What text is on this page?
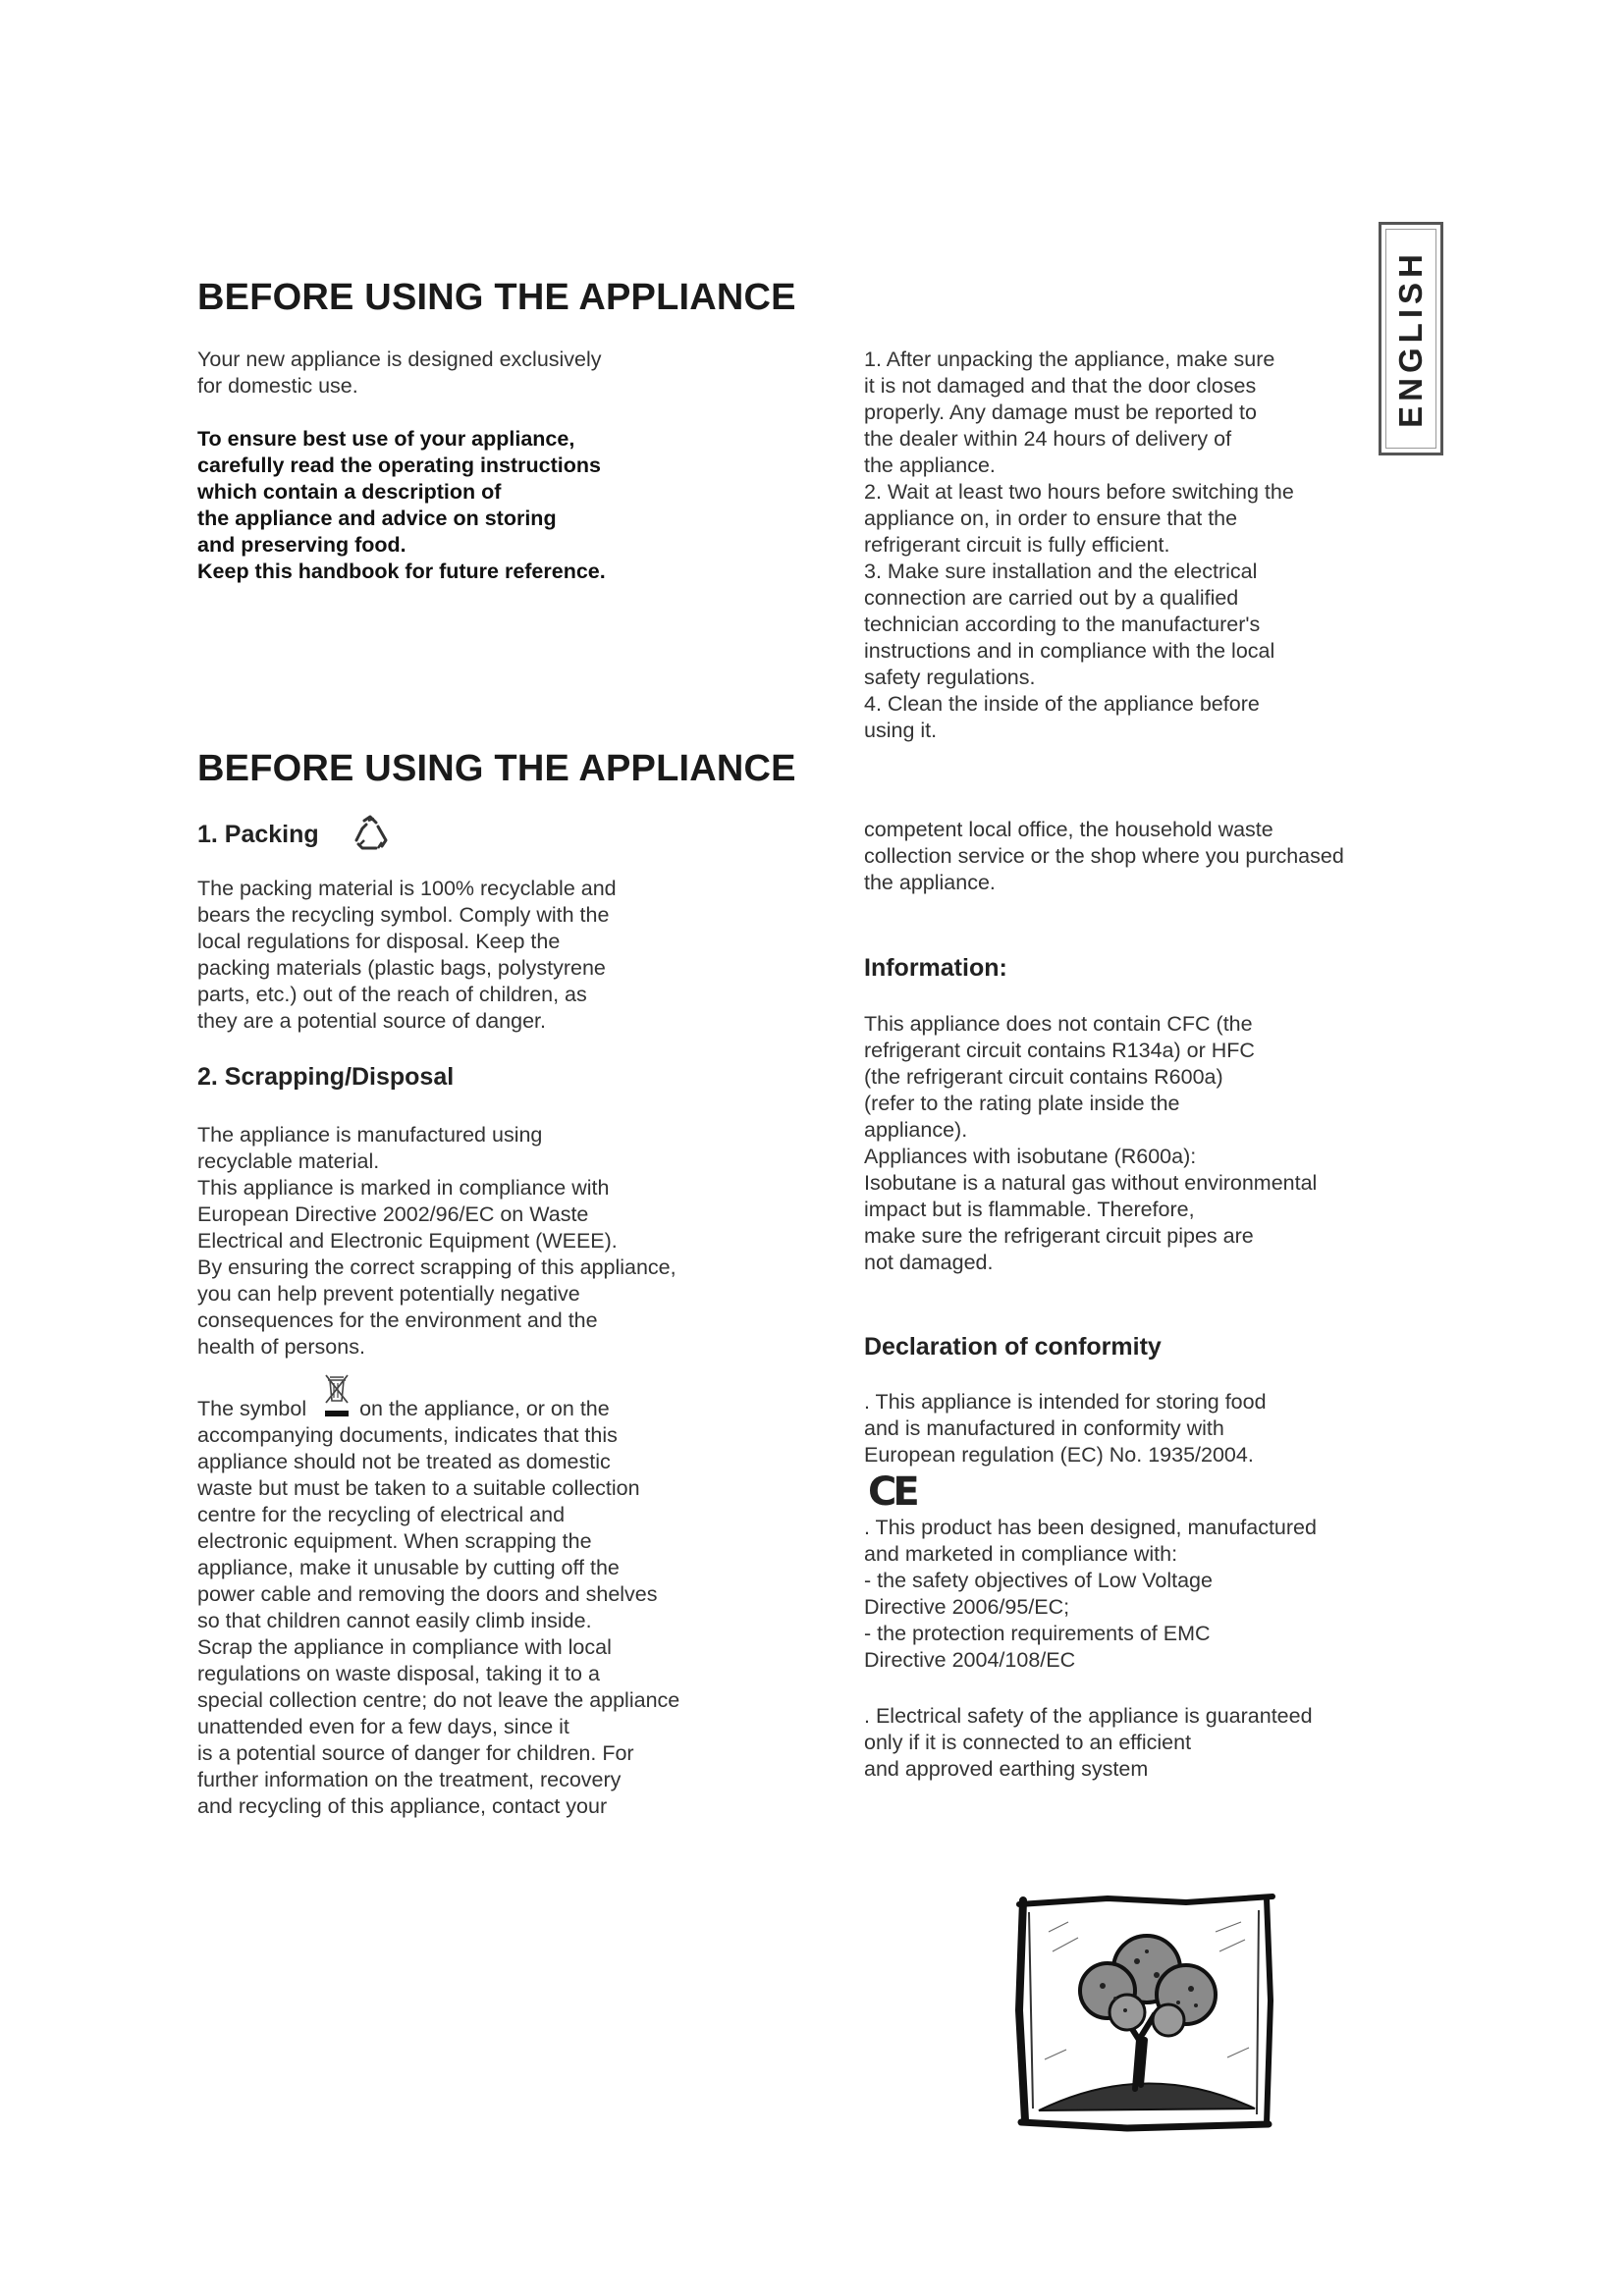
ENGLISH
BEFORE USING THE APPLIANCE
Your new appliance is designed exclusively
for domestic use.
To ensure best use of your appliance,
carefully read the operating instructions
which contain a description of
the appliance and advice on storing
and preserving food.
Keep this handbook for future reference.
1. After unpacking the appliance, make sure
it is not damaged and that the door closes
properly. Any damage must be reported to
the dealer within 24 hours of delivery of
the appliance.
2. Wait at least two hours before switching the
appliance on, in order to ensure that the
refrigerant circuit is fully efficient.
3. Make sure installation and the electrical
connection are carried out by a qualified
technician according to the manufacturer's
instructions and in compliance with the local
safety regulations.
4. Clean the inside of the appliance before
using it.
BEFORE USING THE APPLIANCE
1. Packing
The packing material is 100% recyclable and
bears the recycling symbol. Comply with the
local regulations for disposal. Keep the
packing materials (plastic bags, polystyrene
parts, etc.) out of the reach of children, as
they are a potential source of danger.
2. Scrapping/Disposal
The appliance is manufactured using
recyclable material.
This appliance is marked in compliance with
European Directive 2002/96/EC on Waste
Electrical and Electronic Equipment (WEEE).
By ensuring the correct scrapping of this appliance,
you can help prevent potentially negative
consequences for the environment and the
health of persons.
The symbol	on the appliance, or on the
accompanying documents, indicates that this
appliance should not be treated as domestic
waste but must be taken to a suitable collection
centre for the recycling of electrical and
electronic equipment. When scrapping the
appliance, make it unusable by cutting off the
power cable and removing the doors and shelves
so that children cannot easily climb inside.
Scrap the appliance in compliance with local
regulations on waste disposal, taking it to a
special collection centre; do not leave the appliance
unattended even for a few days, since it
is a potential source of danger for children. For
further information on the treatment, recovery
and recycling of this appliance, contact your
competent local office, the household waste
collection service or the shop where you purchased
the appliance.
Information:
This appliance does not contain CFC (the
refrigerant circuit contains R134a) or HFC
(the refrigerant circuit contains R600a)
(refer to the rating plate inside the
appliance).
Appliances with isobutane (R600a):
Isobutane is a natural gas without environmental
impact but is flammable. Therefore,
make sure the refrigerant circuit pipes are
not damaged.
Declaration of conformity
. This appliance is intended for storing food
and is manufactured in conformity with
European regulation (EC) No. 1935/2004.
CE
. This product has been designed, manufactured
and marketed in compliance with:
- the safety objectives of Low Voltage
Directive 2006/95/EC;
- the protection requirements of EMC
Directive 2004/108/EC
. Electrical safety of the appliance is guaranteed
only if it is connected to an efficient
and approved earthing system
